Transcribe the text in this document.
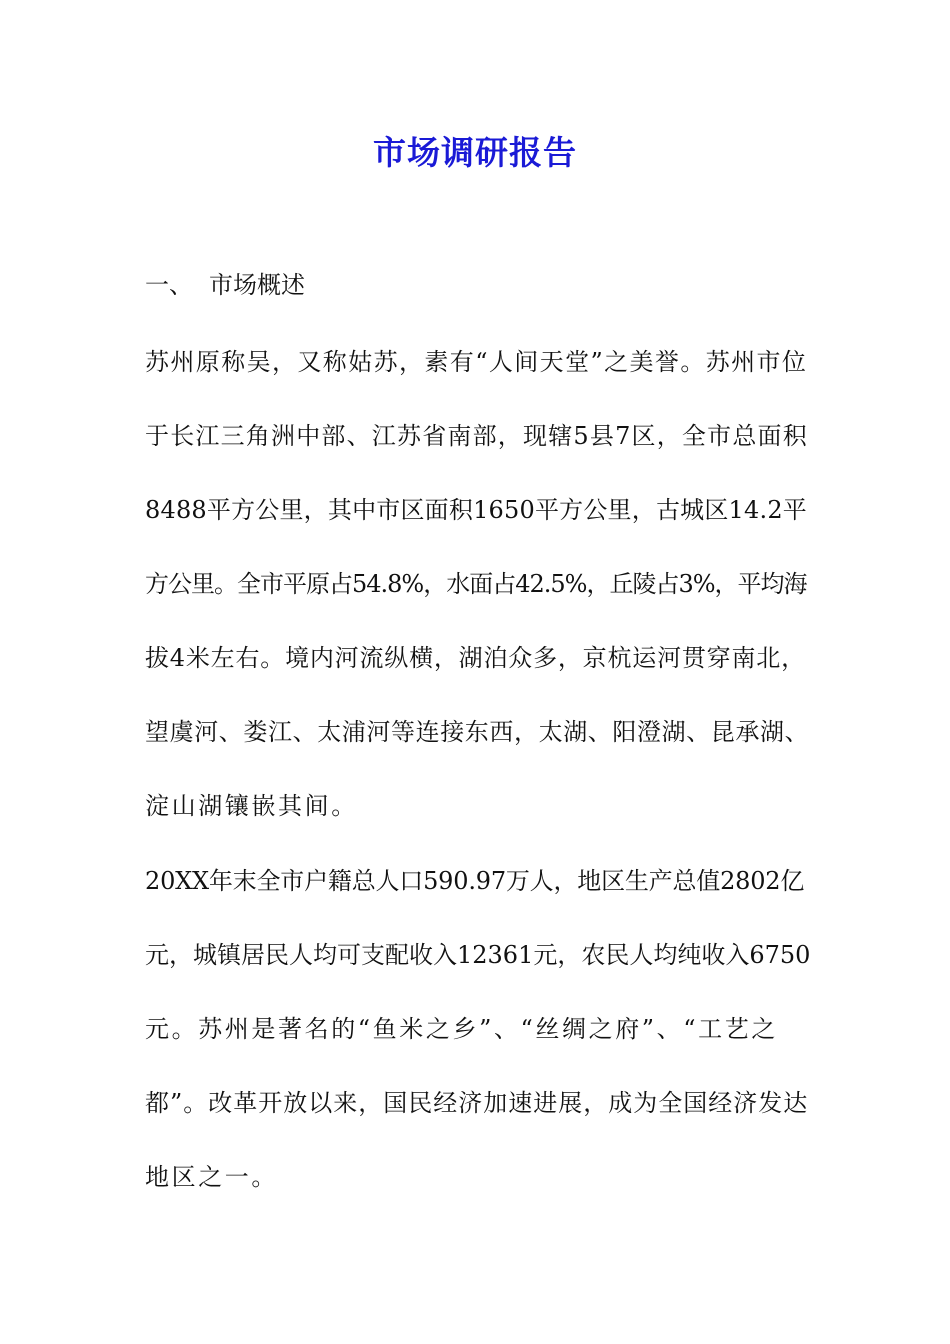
市场调研报告
一、 市场概述
苏州原称吴，又称姑苏，素有“人间天堂”之美誉。苏州市位
于长江三角洲中部、江苏省南部，现辖5县7区，全市总面积
8488平方公里，其中市区面积1650平方公里，古城区14.2平
方公里。全市平原占54.8%，水面占42.5%，丘陵占3%，平均海
拔4米左右。境内河流纵横，湖泊众多，京杭运河贯穿南北，
望虞河、娄江、太浦河等连接东西，太湖、阳澄湖、昆承湖、
淀山湖镶嵌其间。
20XX年末全市户籍总人口590.97万人，地区生产总值2802亿
元，城镇居民人均可支配收入12361元，农民人均纯收入6750
元。苏州是著名的“鱼米之乡”、“丝绸之府”、“工艺之
都”。改革开放以来，国民经济加速进展，成为全国经济发达
地区之一。
